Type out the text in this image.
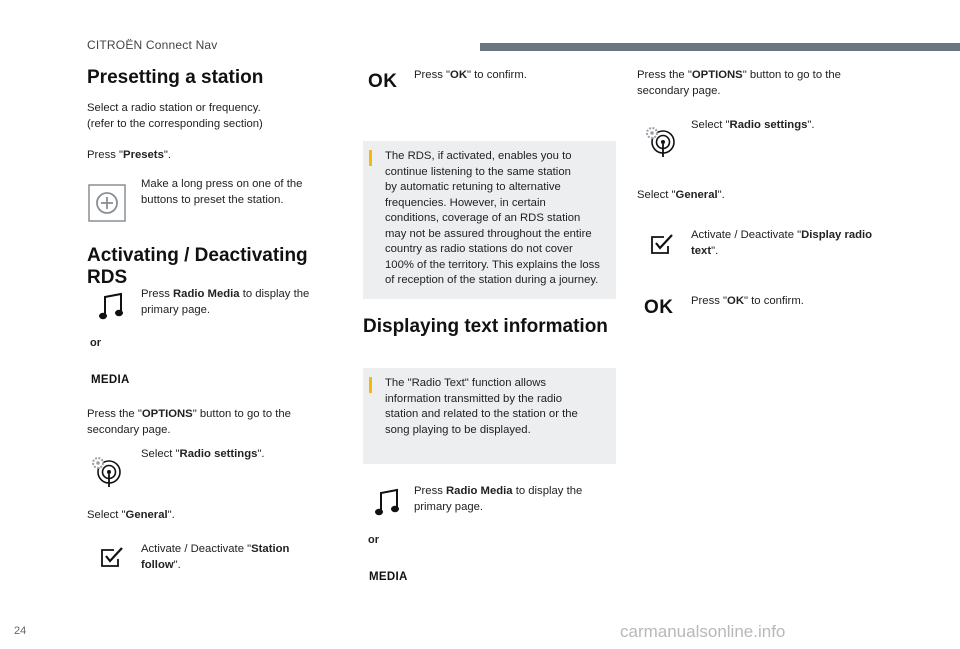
CITROËN Connect Nav
Presetting a station
Select a radio station or frequency.
(refer to the corresponding section)
Press "Presets".
Make a long press on one of the
buttons to preset the station.
Activating / Deactivating
RDS
Press Radio Media to display the
primary page.
or
MEDIA
Press the "OPTIONS" button to go to the
secondary page.
Select "Radio settings".
Select "General".
Activate / Deactivate "Station
follow".
OK Press "OK" to confirm.
The RDS, if activated, enables you to
continue listening to the same station
by automatic retuning to alternative
frequencies. However, in certain
conditions, coverage of an RDS station
may not be assured throughout the entire
country as radio stations do not cover
100% of the territory. This explains the loss
of reception of the station during a journey.
Displaying text information
The "Radio Text" function allows
information transmitted by the radio
station and related to the station or the
song playing to be displayed.
Press Radio Media to display the
primary page.
or
MEDIA
Press the "OPTIONS" button to go to the
secondary page.
Select "Radio settings".
Select "General".
Activate / Deactivate "Display radio
text".
OK Press "OK" to confirm.
24	carmanualsonline.info
